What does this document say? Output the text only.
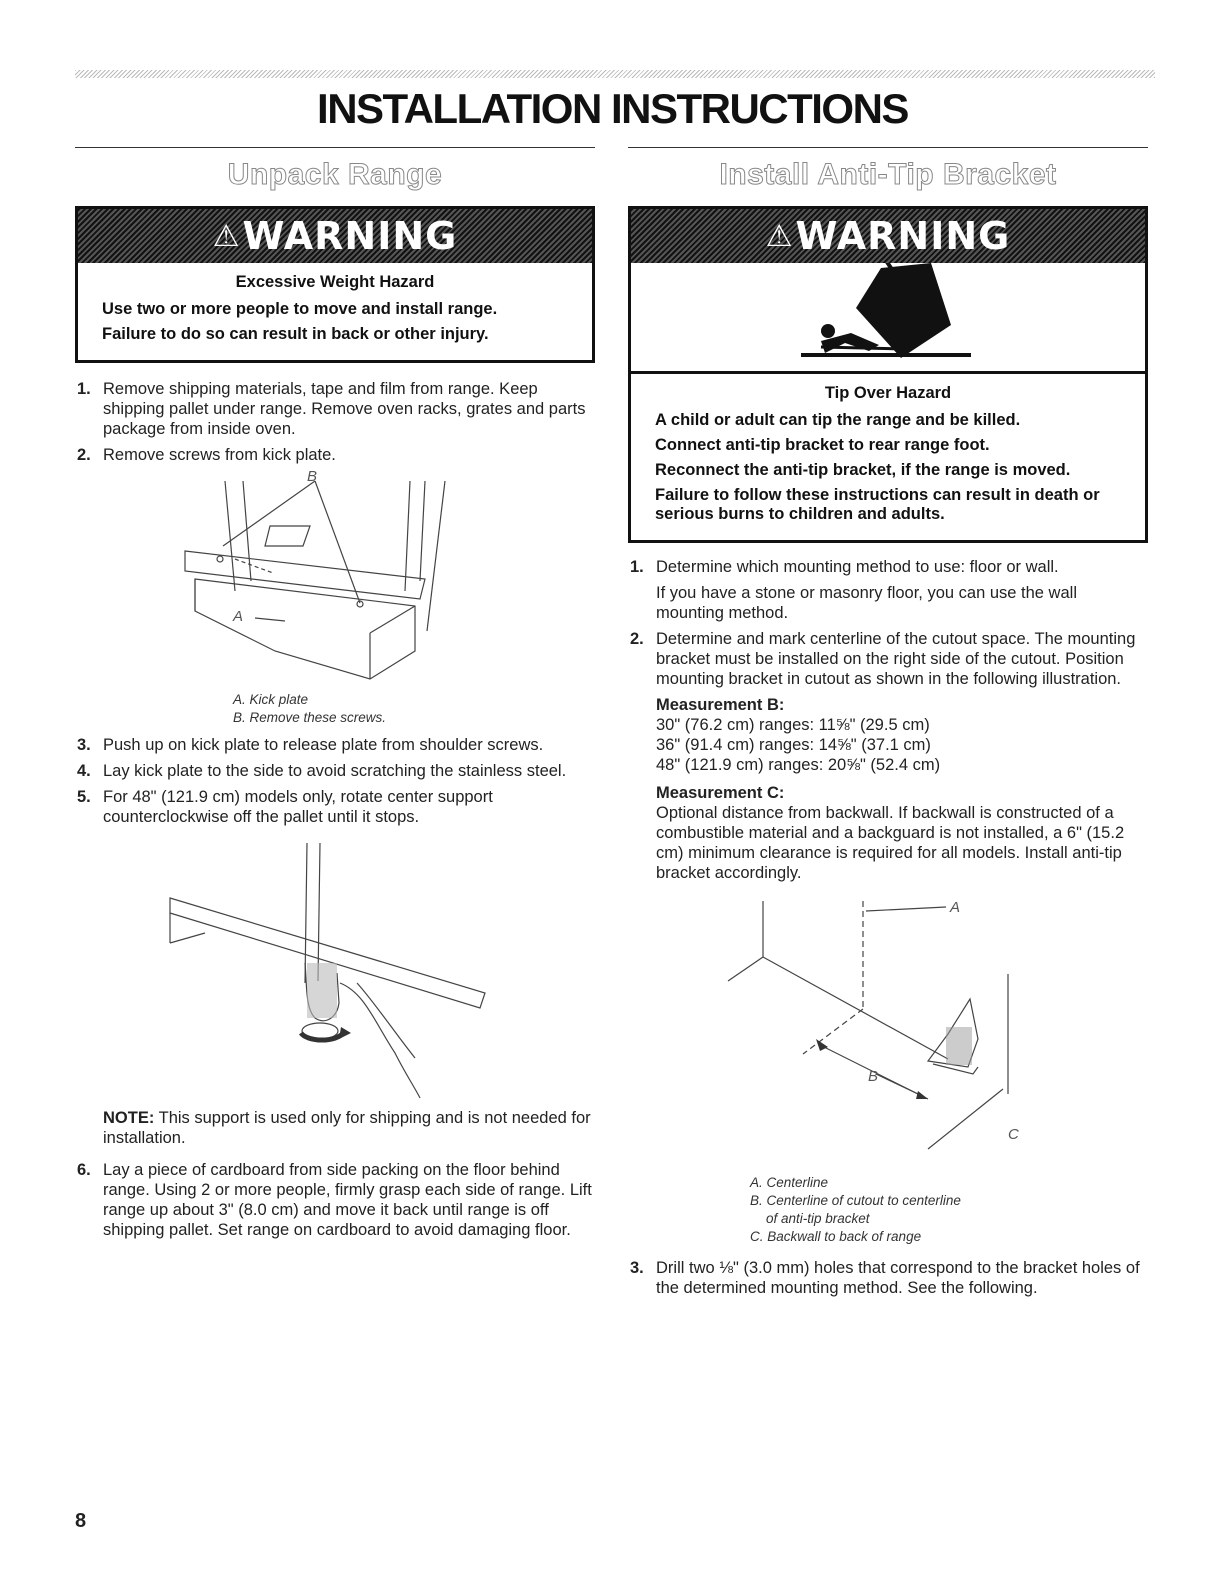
INSTALLATION INSTRUCTIONS
Unpack Range
⚠ WARNING
Excessive Weight Hazard
Use two or more people to move and install range.
Failure to do so can result in back or other injury.
1. Remove shipping materials, tape and film from range. Keep shipping pallet under range. Remove oven racks, grates and parts package from inside oven.
2. Remove screws from kick plate.
B
A
A. Kick plate
B. Remove these screws.
3. Push up on kick plate to release plate from shoulder screws.
4. Lay kick plate to the side to avoid scratching the stainless steel.
5. For 48" (121.9 cm) models only, rotate center support counterclockwise off the pallet until it stops.
NOTE: This support is used only for shipping and is not needed for installation.
6. Lay a piece of cardboard from side packing on the floor behind range. Using 2 or more people, firmly grasp each side of range. Lift range up about 3" (8.0 cm) and move it back until range is off shipping pallet. Set range on cardboard to avoid damaging floor.
Install Anti-Tip Bracket
⚠ WARNING
Tip Over Hazard
A child or adult can tip the range and be killed.
Connect anti-tip bracket to rear range foot.
Reconnect the anti-tip bracket, if the range is moved.
Failure to follow these instructions can result in death or serious burns to children and adults.
1. Determine which mounting method to use: floor or wall.

If you have a stone or masonry floor, you can use the wall mounting method.

2. Determine and mark centerline of the cutout space. The mounting bracket must be installed on the right side of the cutout. Position mounting bracket in cutout as shown in the following illustration.

Measurement B:
30" (76.2 cm) ranges: 11⅝" (29.5 cm)
36" (91.4 cm) ranges: 14⅝" (37.1 cm)
48" (121.9 cm) ranges: 20⅝" (52.4 cm)
Measurement C:
Optional distance from backwall. If backwall is constructed of a combustible material and a backguard is not installed, a 6" (15.2 cm) minimum clearance is required for all models. Install anti-tip bracket accordingly.
A
B
C
A. Centerline
B. Centerline of cutout to centerline
of anti-tip bracket
C. Backwall to back of range
3. Drill two ⅛" (3.0 mm) holes that correspond to the bracket holes of the determined mounting method. See the following.
8
